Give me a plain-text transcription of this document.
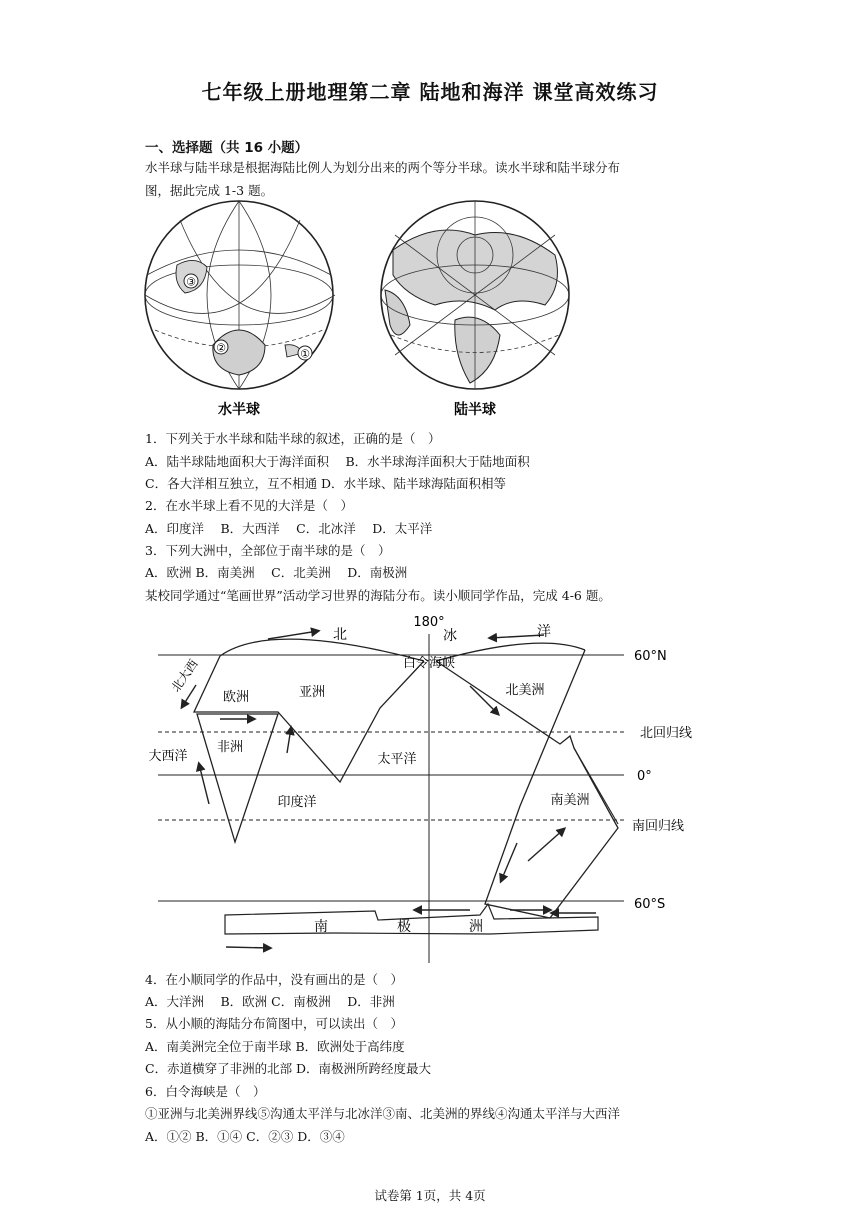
七年级上册地理第二章 陆地和海洋 课堂高效练习
一、选择题（共 16 小题）
水半球与陆半球是根据海陆比例人为划分出来的两个等分半球。读水半球和陆半球分布
图，据此完成 1-3 题。
②	①
③
水半球	陆半球
1．下列关于水半球和陆半球的叙述，正确的是（　）
A．陆半球陆地面积大于海洋面积　 B．水半球海洋面积大于陆地面积
C．各大洋相互独立，互不相通 D．水半球、陆半球海陆面积相等
2．在水半球上看不见的大洋是（　）
A．印度洋　 B．大西洋　 C．北冰洋　 D．太平洋
3．下列大洲中，全部位于南半球的是（　）
A．欧洲 B．南美洲　 C．北美洲　 D．南极洲
某校同学通过“笔画世界”活动学习世界的海陆分布。读小顺同学作品，完成 4-6 题。
180°
北	冰	洋
60°N
白令海峡
北大西
欧洲	亚洲	北美洲
北回归线
大西洋
非洲
太平洋
0°
印度洋	南美洲
南回归线
60°S
南	极	洲
4．在小顺同学的作品中，没有画出的是（　）
A．大洋洲　 B．欧洲 C．南极洲　 D．非洲
5．从小顺的海陆分布简图中，可以读出（　）
A．南美洲完全位于南半球 B．欧洲处于高纬度
C．赤道横穿了非洲的北部 D．南极洲所跨经度最大
6．白令海峡是（　）
①亚洲与北美洲界线⑤沟通太平洋与北冰洋③南、北美洲的界线④沟通太平洋与大西洋
A．①② B．①④ C．②③ D．③④
试卷第 1页，共 4页
